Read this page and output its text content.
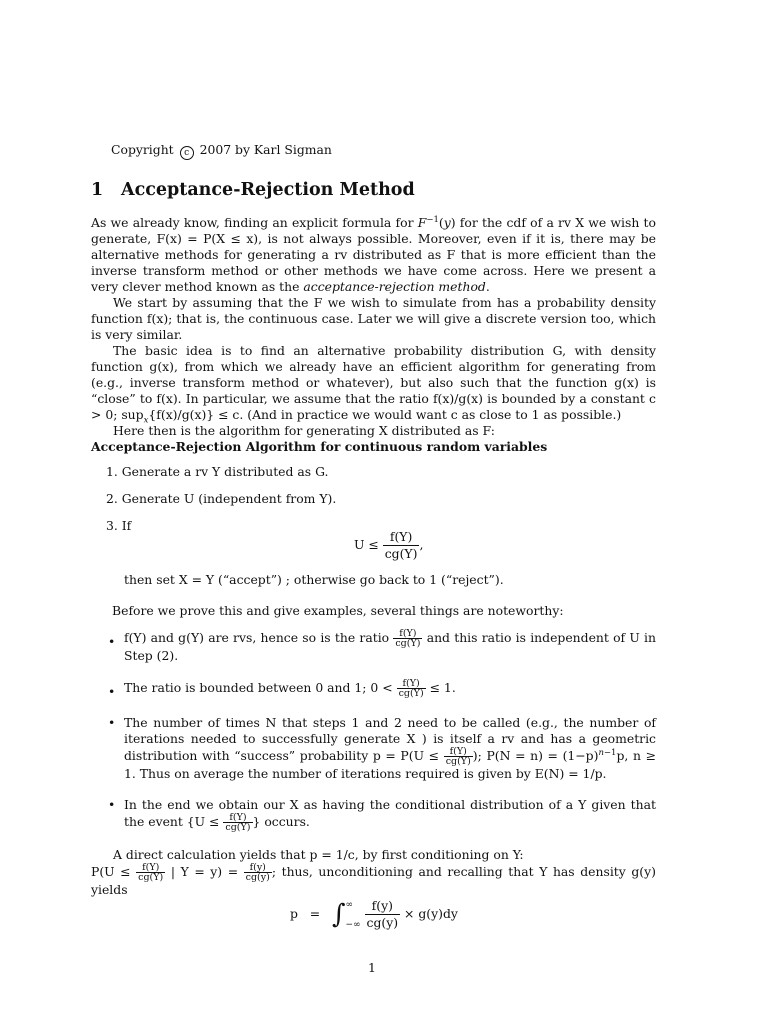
Copyright c 2007 by Karl Sigman
1 Acceptance-Rejection Method

As we already know, finding an explicit formula for $F^{-1}(y)$ for the cdf of a rv X we wish to generate, F(x) = P(X ≤ x), is not always possible. Moreover, even if it is, there may be alternative methods for generating a rv distributed as F that is more efficient than the inverse transform method or other methods we have come across. Here we present a very clever method known as the acceptance-rejection method.

We start by assuming that the F we wish to simulate from has a probability density function f(x); that is, the continuous case. Later we will give a discrete version too, which is very similar.

The basic idea is to find an alternative probability distribution G, with density function g(x), from which we already have an efficient algorithm for generating from (e.g., inverse transform method or whatever), but also such that the function g(x) is “close” to f(x). In particular, we assume that the ratio f(x)/g(x) is bounded by a constant c > 0; sup$_x${f(x)/g(x)} ≤ c. (And in practice we would want c as close to 1 as possible.)

Here then is the algorithm for generating X distributed as F:

Acceptance-Rejection Algorithm for continuous random variables
1. Generate a rv Y distributed as G.
2. Generate U (independent from Y).
3. If
$U \le \frac{f(Y)}{cg(Y)}$ ,
then set X = Y (“accept”) ; otherwise go back to 1 (“reject”).
Before we prove this and give examples, several things are noteworthy:
• f(Y) and g(Y) are rvs, hence so is the ratio $\frac{f(Y)}{cg(Y)}$ and this ratio is independent of U in Step (2).

• The ratio is bounded between 0 and 1; $0 < \frac{f(Y)}{cg(Y)} \le 1$.

• The number of times N that steps 1 and 2 need to be called (e.g., the number of iterations needed to successfully generate X ) is itself a rv and has a geometric distribution with “success” probability $p = P(U \le \frac{f(Y)}{cg(Y)}$ ); $P(N = n) = (1-p)^{n-1}p$, n ≥ 1. Thus on average the number of iterations required is given by E(N) = 1/p.

• In the end we obtain our X as having the conditional distribution of a Y given that the event {$U \le \frac{f(Y)}{cg(Y)}$ } occurs.

A direct calculation yields that p = 1/c, by first conditioning on Y:

$P(U \le \frac{f(Y)}{cg(Y)}$ | $Y = y) = \frac{f(y)}{cg(y)}$ ; thus, unconditioning and recalling that Y has density g(y) yields

p = ∫ ∞
−∞
$\frac{f(y)}{cg(y)} \times g(y)dy$
1
